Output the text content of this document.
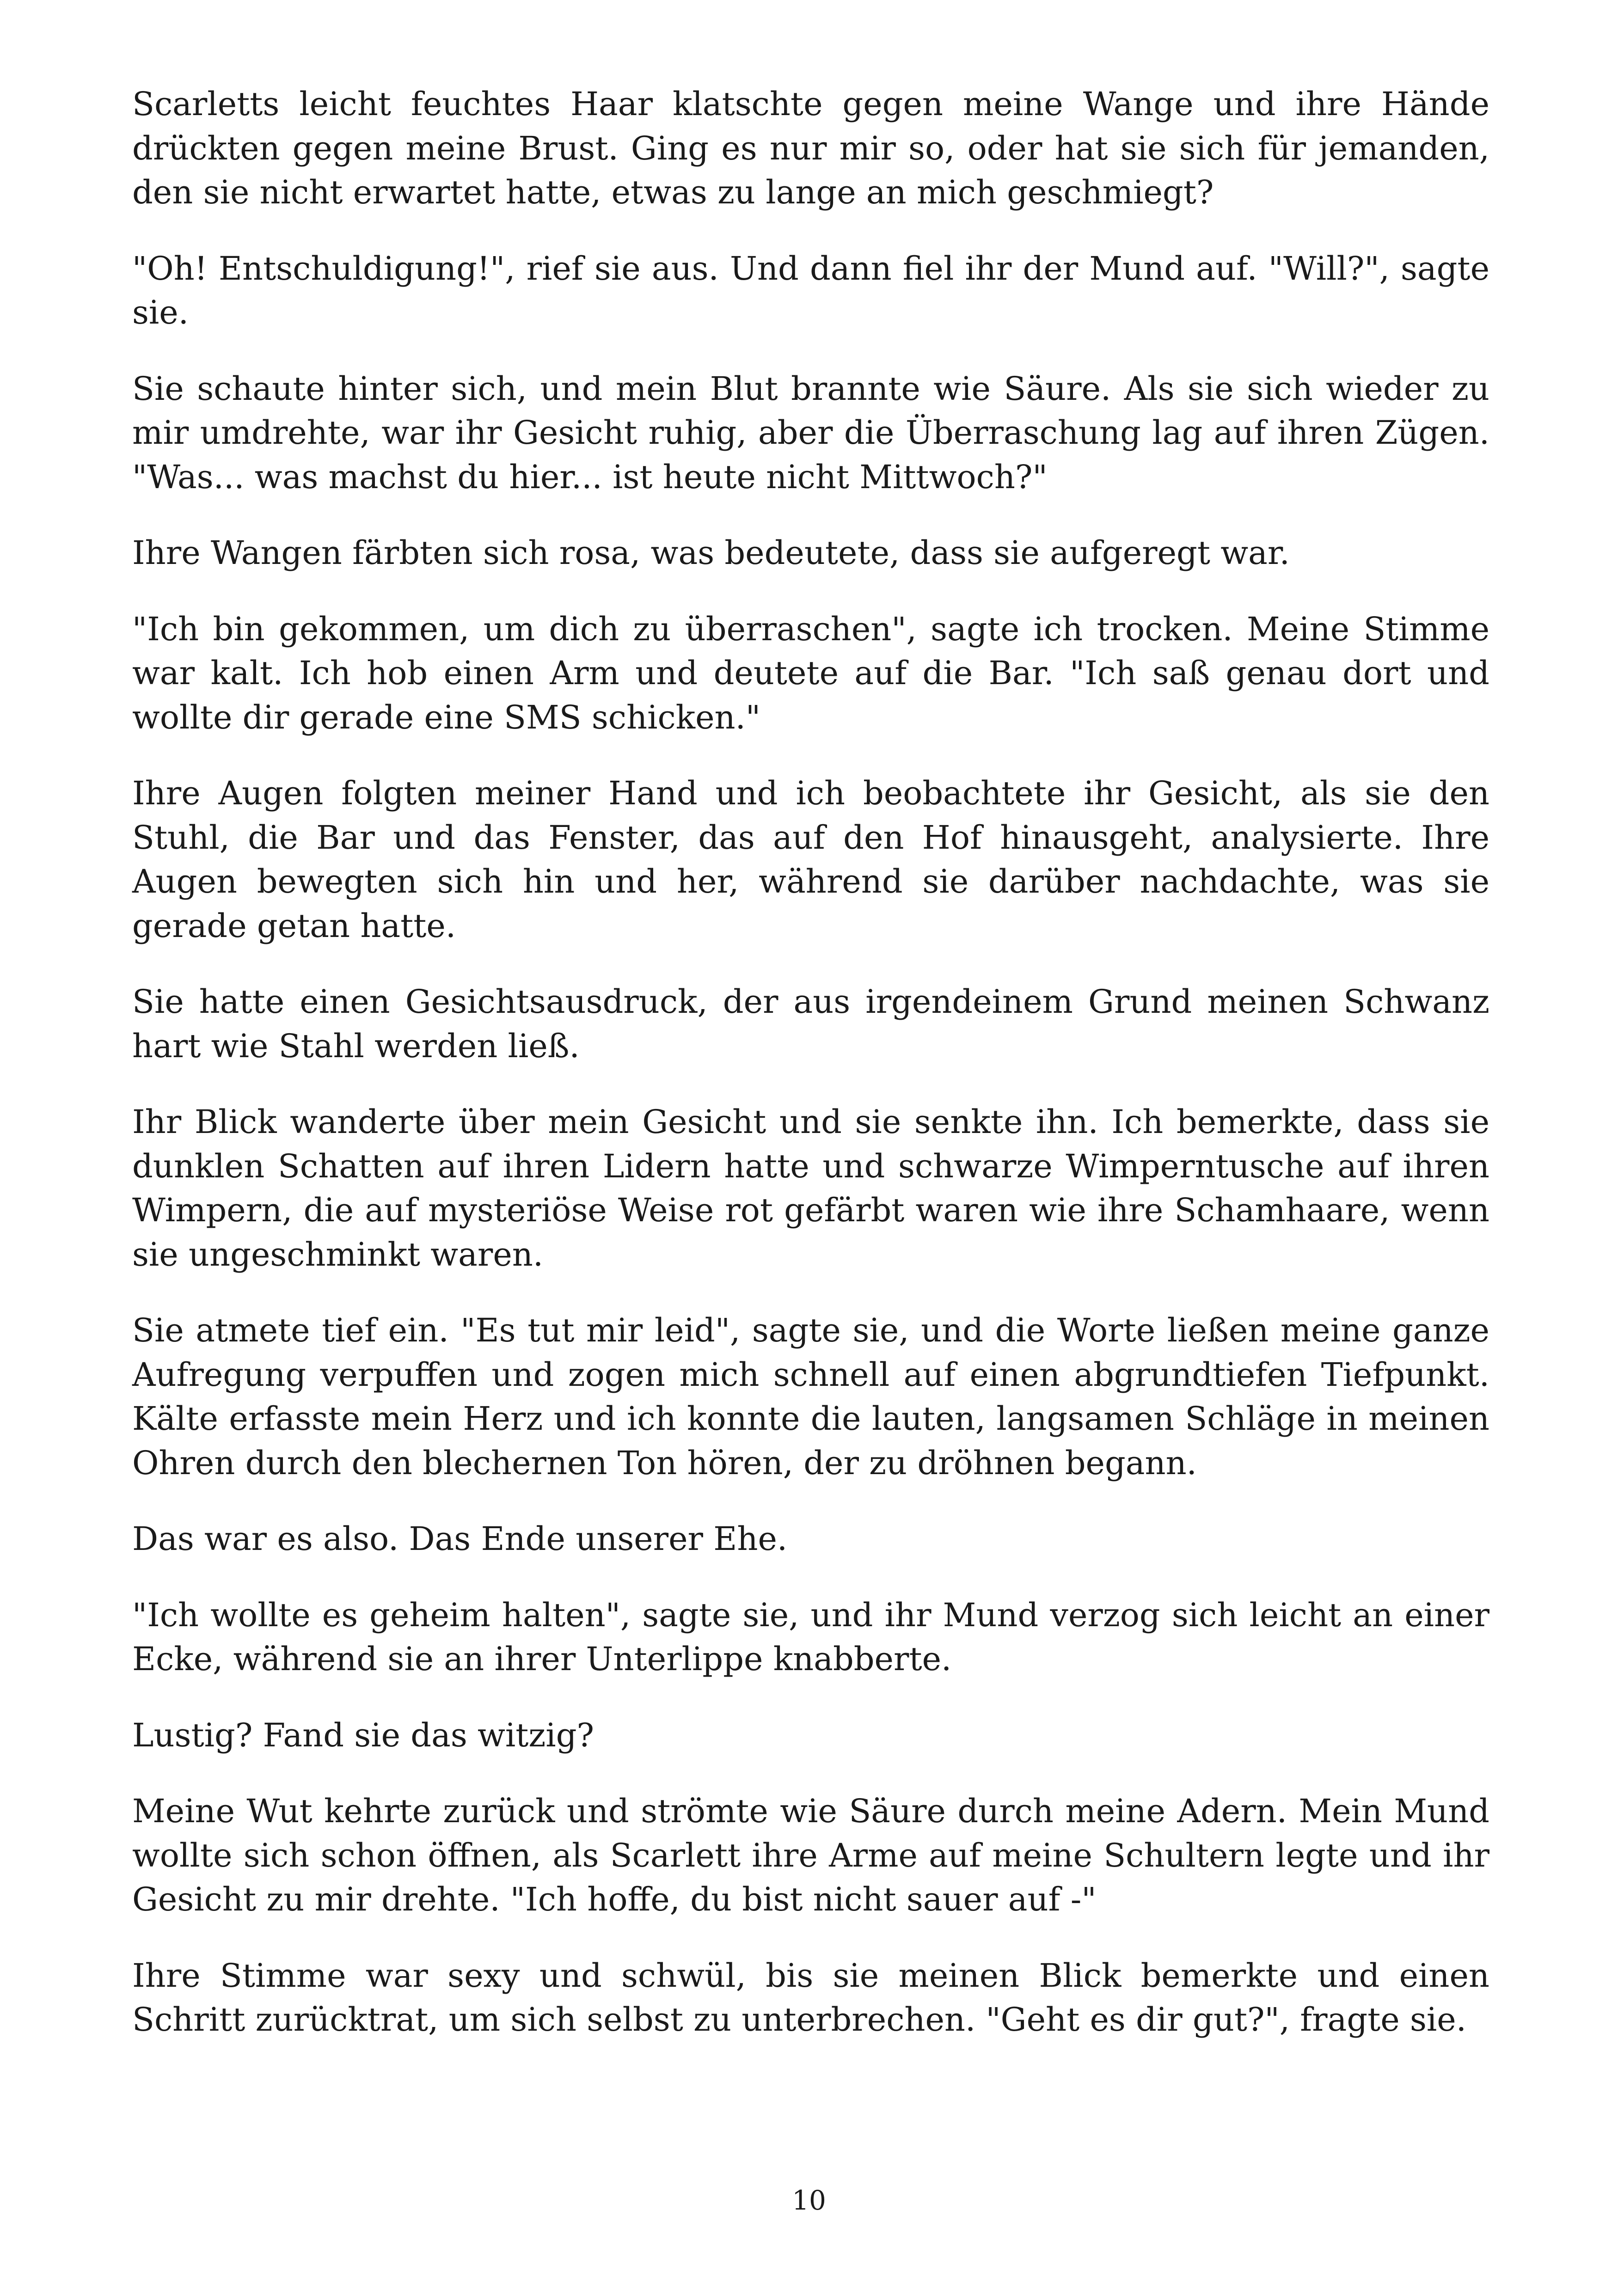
Scarletts leicht feuchtes Haar klatschte gegen meine Wange und ihre Hände drückten gegen meine Brust. Ging es nur mir so, oder hat sie sich für jemanden, den sie nicht erwartet hatte, etwas zu lange an mich geschmiegt?

"Oh! Entschuldigung!", rief sie aus. Und dann fiel ihr der Mund auf. "Will?", sagte sie.

Sie schaute hinter sich, und mein Blut brannte wie Säure. Als sie sich wieder zu mir umdrehte, war ihr Gesicht ruhig, aber die Überraschung lag auf ihren Zügen. "Was... was machst du hier... ist heute nicht Mittwoch?"

Ihre Wangen färbten sich rosa, was bedeutete, dass sie aufgeregt war.

"Ich bin gekommen, um dich zu überraschen", sagte ich trocken. Meine Stimme war kalt. Ich hob einen Arm und deutete auf die Bar. "Ich saß genau dort und wollte dir gerade eine SMS schicken."

Ihre Augen folgten meiner Hand und ich beobachtete ihr Gesicht, als sie den Stuhl, die Bar und das Fenster, das auf den Hof hinausgeht, analysierte. Ihre Augen bewegten sich hin und her, während sie darüber nachdachte, was sie gerade getan hatte.

Sie hatte einen Gesichtsausdruck, der aus irgendeinem Grund meinen Schwanz hart wie Stahl werden ließ.

Ihr Blick wanderte über mein Gesicht und sie senkte ihn. Ich bemerkte, dass sie dunklen Schatten auf ihren Lidern hatte und schwarze Wimperntusche auf ihren Wimpern, die auf mysteriöse Weise rot gefärbt waren wie ihre Schamhaare, wenn sie ungeschminkt waren.

Sie atmete tief ein. "Es tut mir leid", sagte sie, und die Worte ließen meine ganze Aufregung verpuffen und zogen mich schnell auf einen abgrundtiefen Tiefpunkt. Kälte erfasste mein Herz und ich konnte die lauten, langsamen Schläge in meinen Ohren durch den blechernen Ton hören, der zu dröhnen begann.

Das war es also. Das Ende unserer Ehe.

"Ich wollte es geheim halten", sagte sie, und ihr Mund verzog sich leicht an einer Ecke, während sie an ihrer Unterlippe knabberte.

Lustig? Fand sie das witzig?

Meine Wut kehrte zurück und strömte wie Säure durch meine Adern. Mein Mund wollte sich schon öffnen, als Scarlett ihre Arme auf meine Schultern legte und ihr Gesicht zu mir drehte. "Ich hoffe, du bist nicht sauer auf -"

Ihre Stimme war sexy und schwül, bis sie meinen Blick bemerkte und einen Schritt zurücktrat, um sich selbst zu unterbrechen. "Geht es dir gut?", fragte sie.

10
